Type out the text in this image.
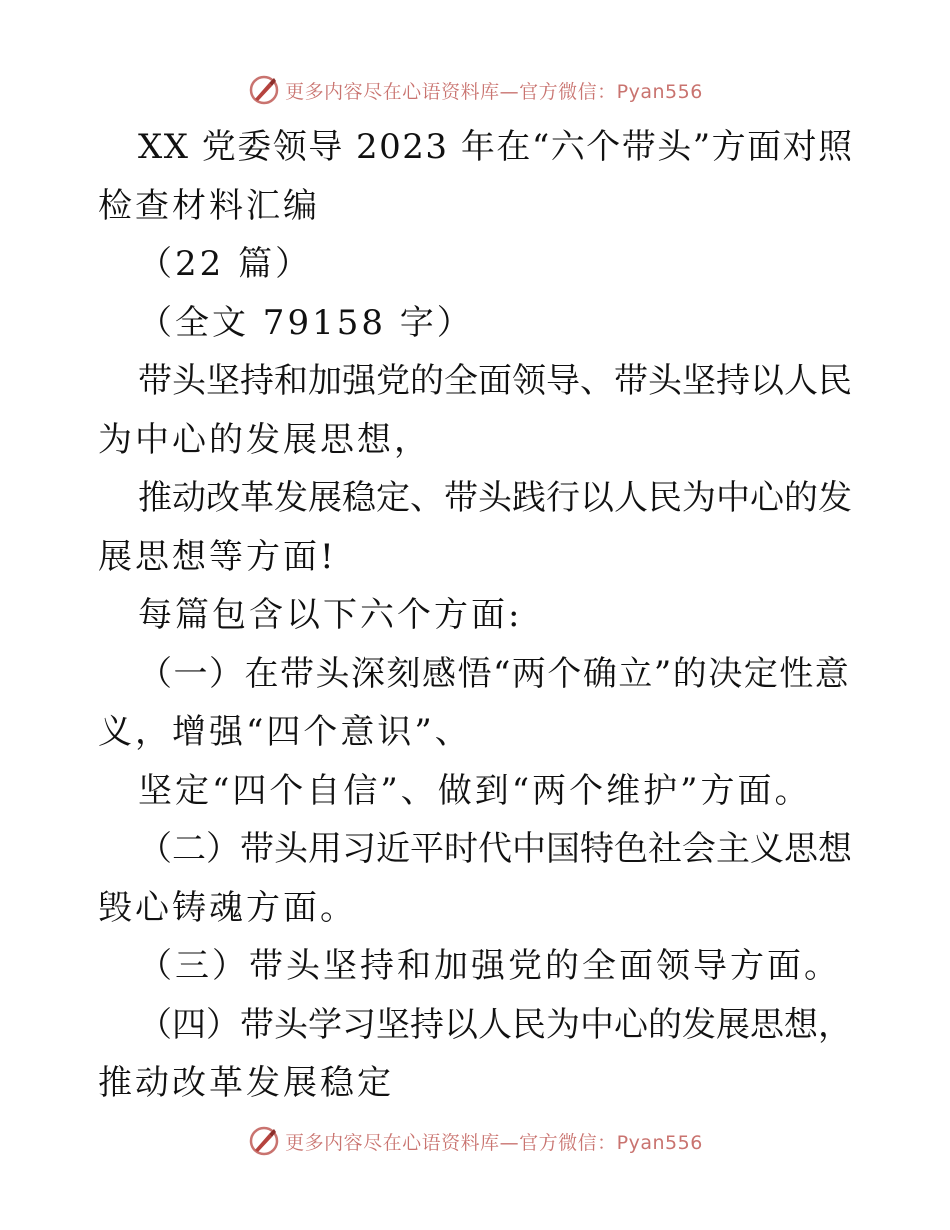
更多内容尽在心语资料库—官方微信：Pyan556
XX 党委领导 2023 年在“六个带头”方面对照
检查材料汇编
（22 篇）
（全文 79158 字）
带头坚持和加强党的全面领导、带头坚持以人民
为中心的发展思想，
推动改革发展稳定、带头践行以人民为中心的发
展思想等方面!
每篇包含以下六个方面:
（一）在带头深刻感悟“两个确立”的决定性意
义，增强“四个意识”、
坚定“四个自信”、做到“两个维护”方面。
（二）带头用习近平时代中国特色社会主义思想
毁心铸魂方面。
（三）带头坚持和加强党的全面领导方面。
（四）带头学习坚持以人民为中心的发展思想，
推动改革发展稳定
更多内容尽在心语资料库—官方微信：Pyan556
